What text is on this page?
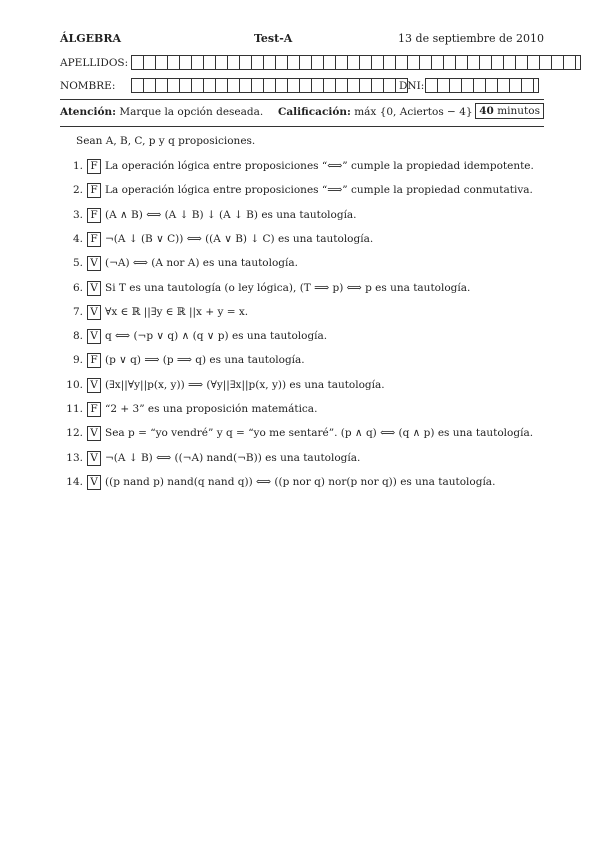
ÁLGEBRA	Test-A	13 de septiembre de 2010
APELLIDOS:
NOMBRE:	DNI:
Atención: Marque la opción deseada. Calificación: máx {0, Aciertos − 4} 40 minutos
Sean A, B, C, p y q proposiciones.
1. F La operación lógica entre proposiciones “⟺” cumple la propiedad idempotente.
2. F La operación lógica entre proposiciones “⟹” cumple la propiedad conmutativa.
3. F (A ∧ B) ⟺ (A ↓ B) ↓ (A ↓ B) es una tautología.
4. F ¬(A ↓ (B ∨ C)) ⟺ ((A ∨ B) ↓ C) es una tautología.
5. V (¬A) ⟺ (A nor A) es una tautología.
6. V Si T es una tautología (o ley lógica), (T ⟹ p) ⟺ p es una tautología.
7. V ∀x ∈ ℝ ||∃y ∈ ℝ ||x + y = x.
8. V q ⟺ (¬p ∨ q) ∧ (q ∨ p) es una tautología.
9. F (p ∨ q) ⟹ (p ⟹ q) es una tautología.
10. V (∃x||∀y||p(x, y)) ⟹ (∀y||∃x||p(x, y)) es una tautología.
11. F “2 + 3” es una proposición matemática.
12. V Sea p = “yo vendré” y q = “yo me sentaré”. (p ∧ q) ⟺ (q ∧ p) es una tautología.
13. V ¬(A ↓ B) ⟺ ((¬A) nand(¬B)) es una tautología.
14. V ((p nand p) nand(q nand q)) ⟺ ((p nor q) nor(p nor q)) es una tautología.
